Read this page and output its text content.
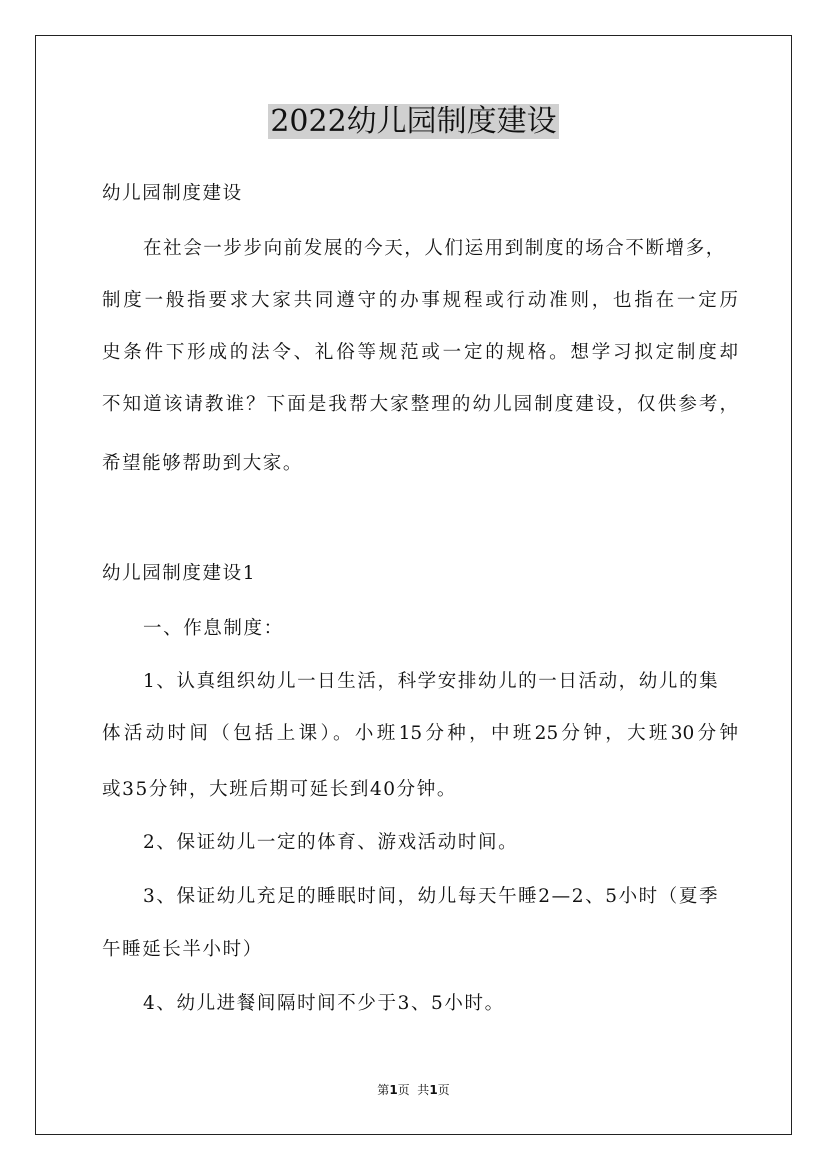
2022幼儿园制度建设
幼儿园制度建设
在社会一步步向前发展的今天，人们运用到制度的场合不断增多，
制度一般指要求大家共同遵守的办事规程或行动准则，也指在一定历
史条件下形成的法令、礼俗等规范或一定的规格。想学习拟定制度却
不知道该请教谁？下面是我帮大家整理的幼儿园制度建设，仅供参考，
希望能够帮助到大家。
幼儿园制度建设1
一、作息制度：
1、认真组织幼儿一日生活，科学安排幼儿的一日活动，幼儿的集
体活动时间（包括上课）。小班15分种，中班25分钟，大班30分钟
或35分钟，大班后期可延长到40分钟。
2、保证幼儿一定的体育、游戏活动时间。
3、保证幼儿充足的睡眠时间，幼儿每天午睡2—2、5小时（夏季
午睡延长半小时）
4、幼儿进餐间隔时间不少于3、5小时。
第1页  共1页
